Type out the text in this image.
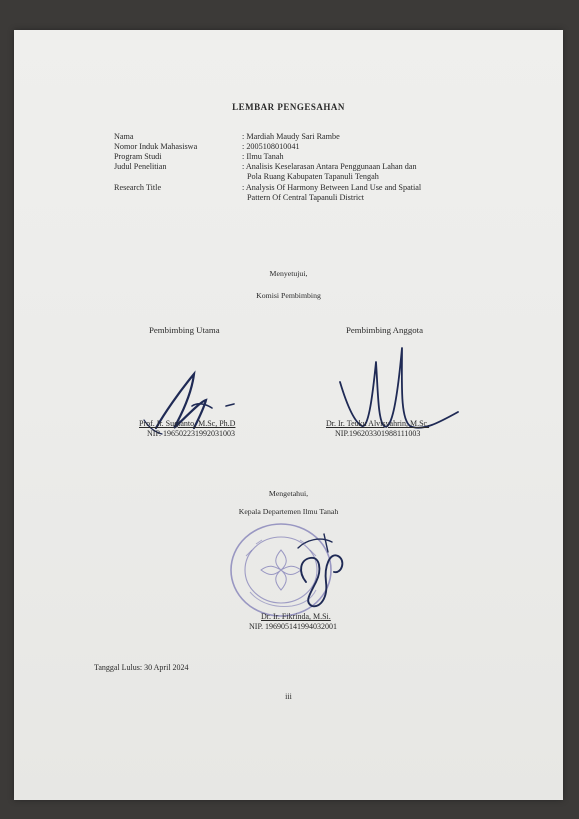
LEMBAR PENGESAHAN
Nama	: Mardiah Maudy Sari Rambe
Nomor Induk Mahasiswa	: 2005108010041
Program Studi	: Ilmu Tanah
Judul Penelitian	: Analisis Keselarasan Antara Penggunaan Lahan dan
Pola Ruang Kabupaten Tapanuli Tengah
Research Title	: Analysis Of Harmony Between Land Use and Spatial
Pattern Of Central Tapanuli District
Menyetujui,
Komisi Pembimbing
Pembimbing Utama	Pembimbing Anggota
Prof. Ir. Sugianto, M.Sc, Ph.D
NIP. 196502231992031003
Dr. Ir. Teuku Alvisyahrin, M.Sc.
NIP.196203301988111003
Mengetahui,
Kepala Departemen Ilmu Tanah
Dr. Ir. Fikrinda, M.Si.
NIP. 196905141994032001
Tanggal Lulus: 30 April 2024
iii
